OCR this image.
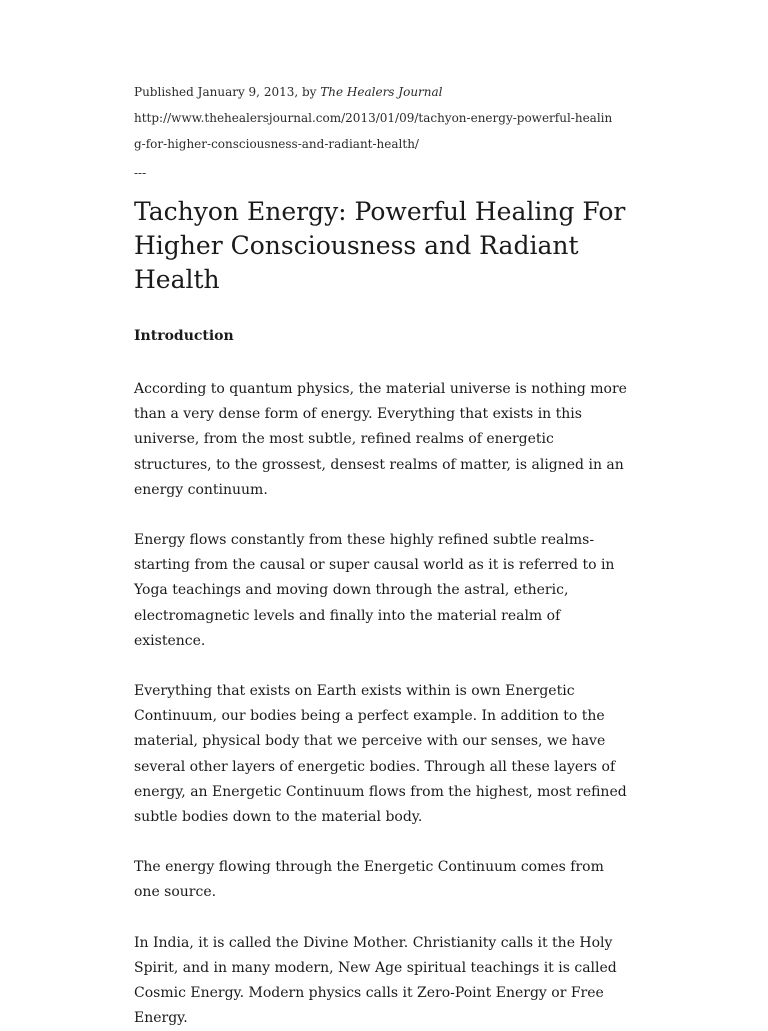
Published January 9, 2013, by The Healers Journal
http://www.thehealersjournal.com/2013/01/09/tachyon-energy-powerful-healing-for-higher-consciousness-and-radiant-health/
---
Tachyon Energy: Powerful Healing For Higher Consciousness and Radiant Health
Introduction

According to quantum physics, the material universe is nothing more than a very dense form of energy. Everything that exists in this universe, from the most subtle, refined realms of energetic structures, to the grossest, densest realms of matter, is aligned in an energy continuum.

Energy flows constantly from these highly refined subtle realms-starting from the causal or super causal world as it is referred to in Yoga teachings and moving down through the astral, etheric, electromagnetic levels and finally into the material realm of existence.

Everything that exists on Earth exists within is own Energetic Continuum, our bodies being a perfect example. In addition to the material, physical body that we perceive with our senses, we have several other layers of energetic bodies. Through all these layers of energy, an Energetic Continuum flows from the highest, most refined subtle bodies down to the material body.

The energy flowing through the Energetic Continuum comes from one source.

In India, it is called the Divine Mother. Christianity calls it the Holy Spirit, and in many modern, New Age spiritual teachings it is called Cosmic Energy. Modern physics calls it Zero-Point Energy or Free Energy.
